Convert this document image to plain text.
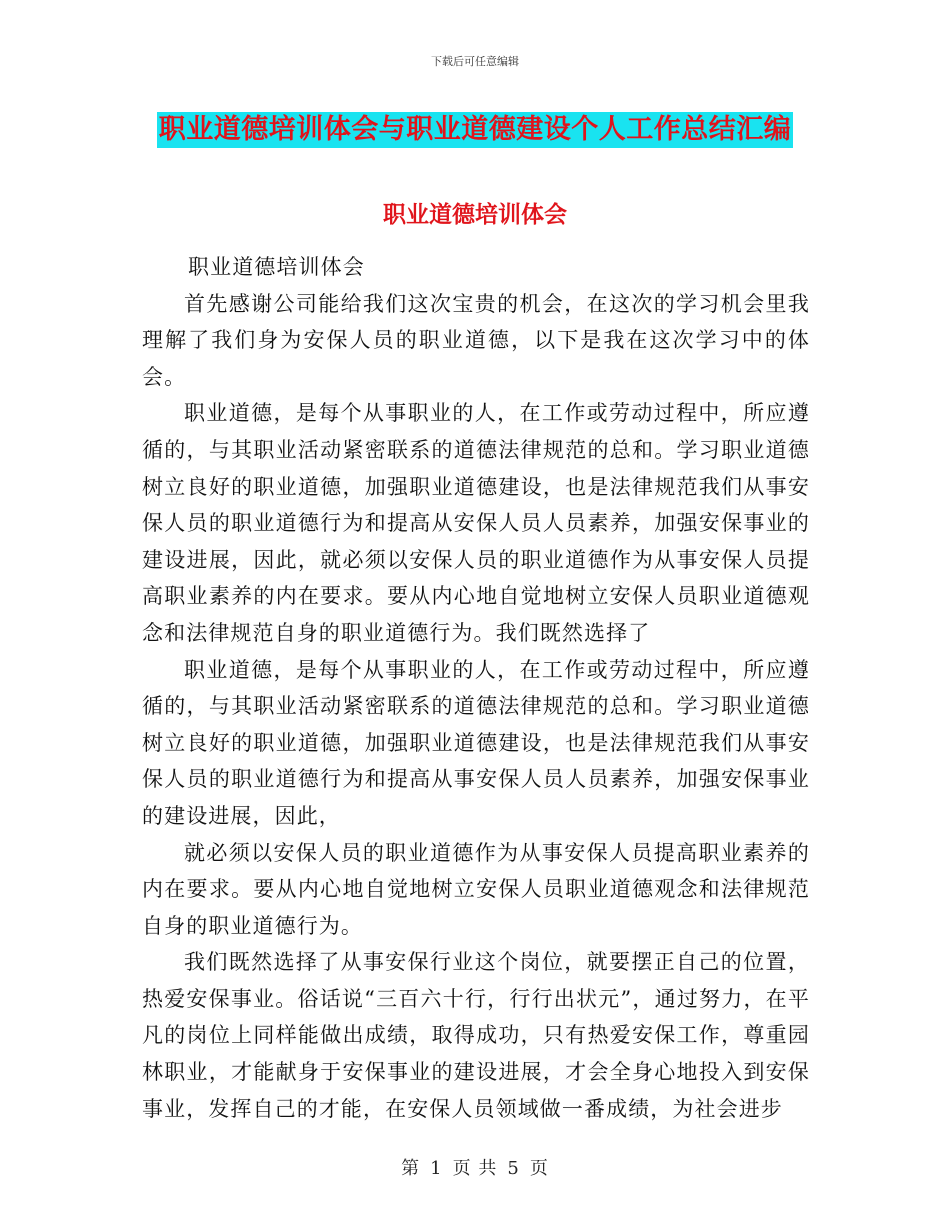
下载后可任意编辑
职业道德培训体会与职业道德建设个人工作总结汇编
职业道德培训体会

职业道德培训体会

首先感谢公司能给我们这次宝贵的机会，在这次的学习机会里我理解了我们身为安保人员的职业道德，以下是我在这次学习中的体会。

职业道德，是每个从事职业的人，在工作或劳动过程中，所应遵循的，与其职业活动紧密联系的道德法律规范的总和。学习职业道德树立良好的职业道德，加强职业道德建设，也是法律规范我们从事安保人员的职业道德行为和提高从安保人员人员素养，加强安保事业的建设进展，因此，就必须以安保人员的职业道德作为从事安保人员提高职业素养的内在要求。要从内心地自觉地树立安保人员职业道德观念和法律规范自身的职业道德行为。我们既然选择了

职业道德，是每个从事职业的人，在工作或劳动过程中，所应遵循的，与其职业活动紧密联系的道德法律规范的总和。学习职业道德树立良好的职业道德，加强职业道德建设，也是法律规范我们从事安保人员的职业道德行为和提高从事安保人员人员素养，加强安保事业的建设进展，因此，

就必须以安保人员的职业道德作为从事安保人员提高职业素养的内在要求。要从内心地自觉地树立安保人员职业道德观念和法律规范自身的职业道德行为。

我们既然选择了从事安保行业这个岗位，就要摆正自己的位置，热爱安保事业。俗话说“三百六十行，行行出状元”，通过努力，在平凡的岗位上同样能做出成绩，取得成功，只有热爱安保工作，尊重园林职业，才能献身于安保事业的建设进展，才会全身心地投入到安保事业，发挥自己的才能，在安保人员领域做一番成绩，为社会进步

第 1 页 共 5 页
